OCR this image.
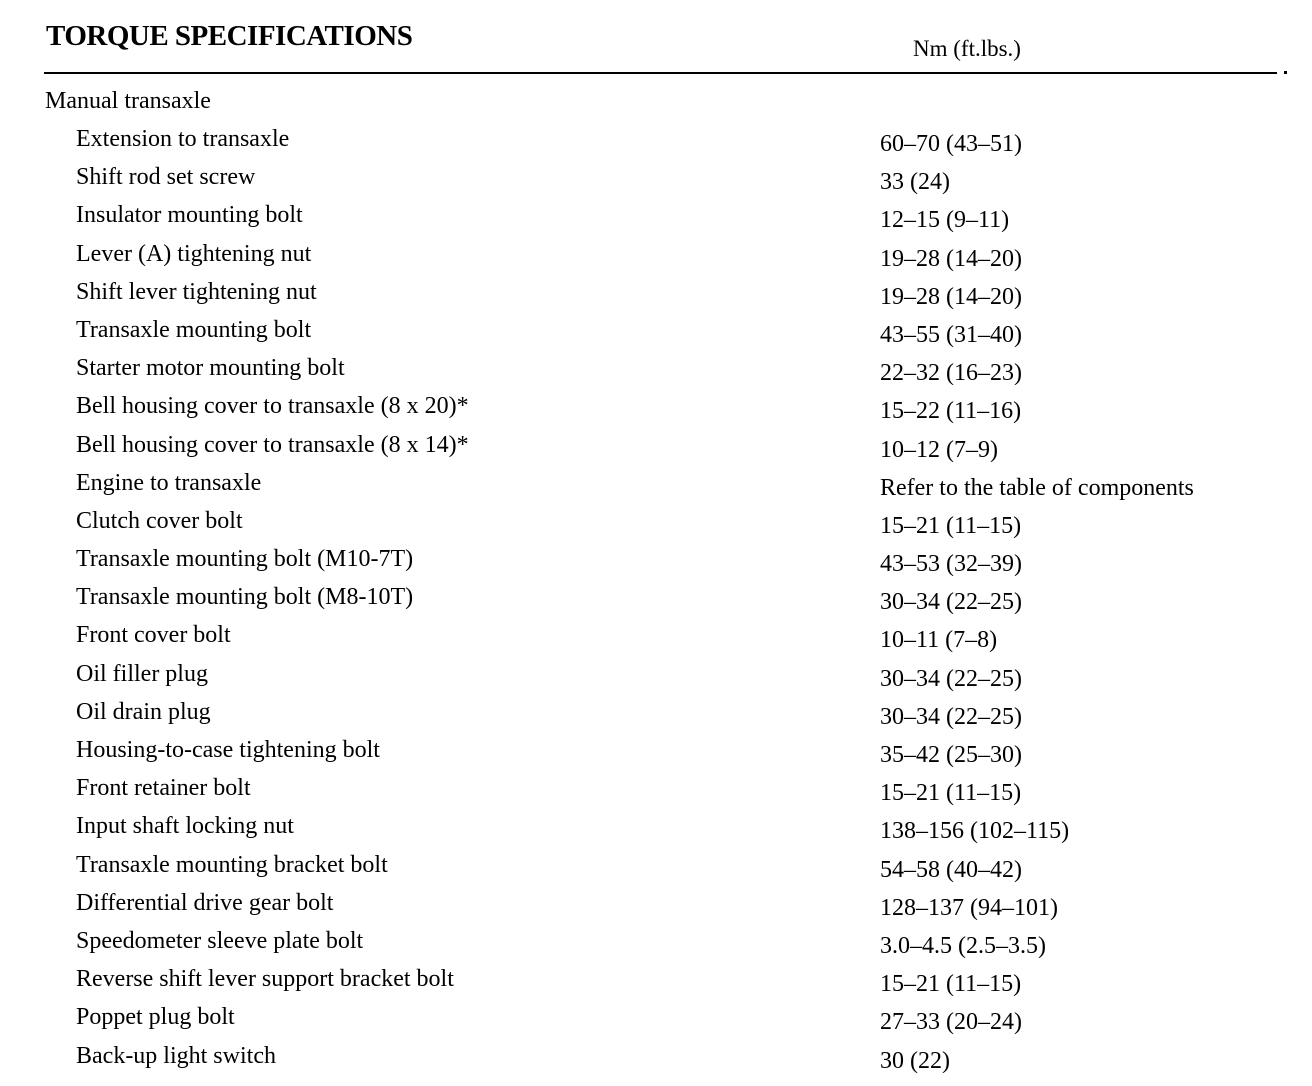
TORQUE SPECIFICATIONS	Nm (ft.lbs.)
Manual transaxle
Extension to transaxle	60–70 (43–51)
Shift rod set screw	33 (24)
Insulator mounting bolt	12–15 (9–11)
Lever (A) tightening nut	19–28 (14–20)
Shift lever tightening nut	19–28 (14–20)
Transaxle mounting bolt	43–55 (31–40)
Starter motor mounting bolt	22–32 (16–23)
Bell housing cover to transaxle (8 x 20)*	15–22 (11–16)
Bell housing cover to transaxle (8 x 14)*	10–12 (7–9)
Engine to transaxle	Refer to the table of components
Clutch cover bolt	15–21 (11–15)
Transaxle mounting bolt (M10-7T)	43–53 (32–39)
Transaxle mounting bolt (M8-10T)	30–34 (22–25)
Front cover bolt	10–11 (7–8)
Oil filler plug	30–34 (22–25)
Oil drain plug	30–34 (22–25)
Housing-to-case tightening bolt	35–42 (25–30)
Front retainer bolt	15–21 (11–15)
Input shaft locking nut	138–156 (102–115)
Transaxle mounting bracket bolt	54–58 (40–42)
Differential drive gear bolt	128–137 (94–101)
Speedometer sleeve plate bolt	3.0–4.5 (2.5–3.5)
Reverse shift lever support bracket bolt	15–21 (11–15)
Poppet plug bolt	27–33 (20–24)
Back-up light switch	30 (22)
